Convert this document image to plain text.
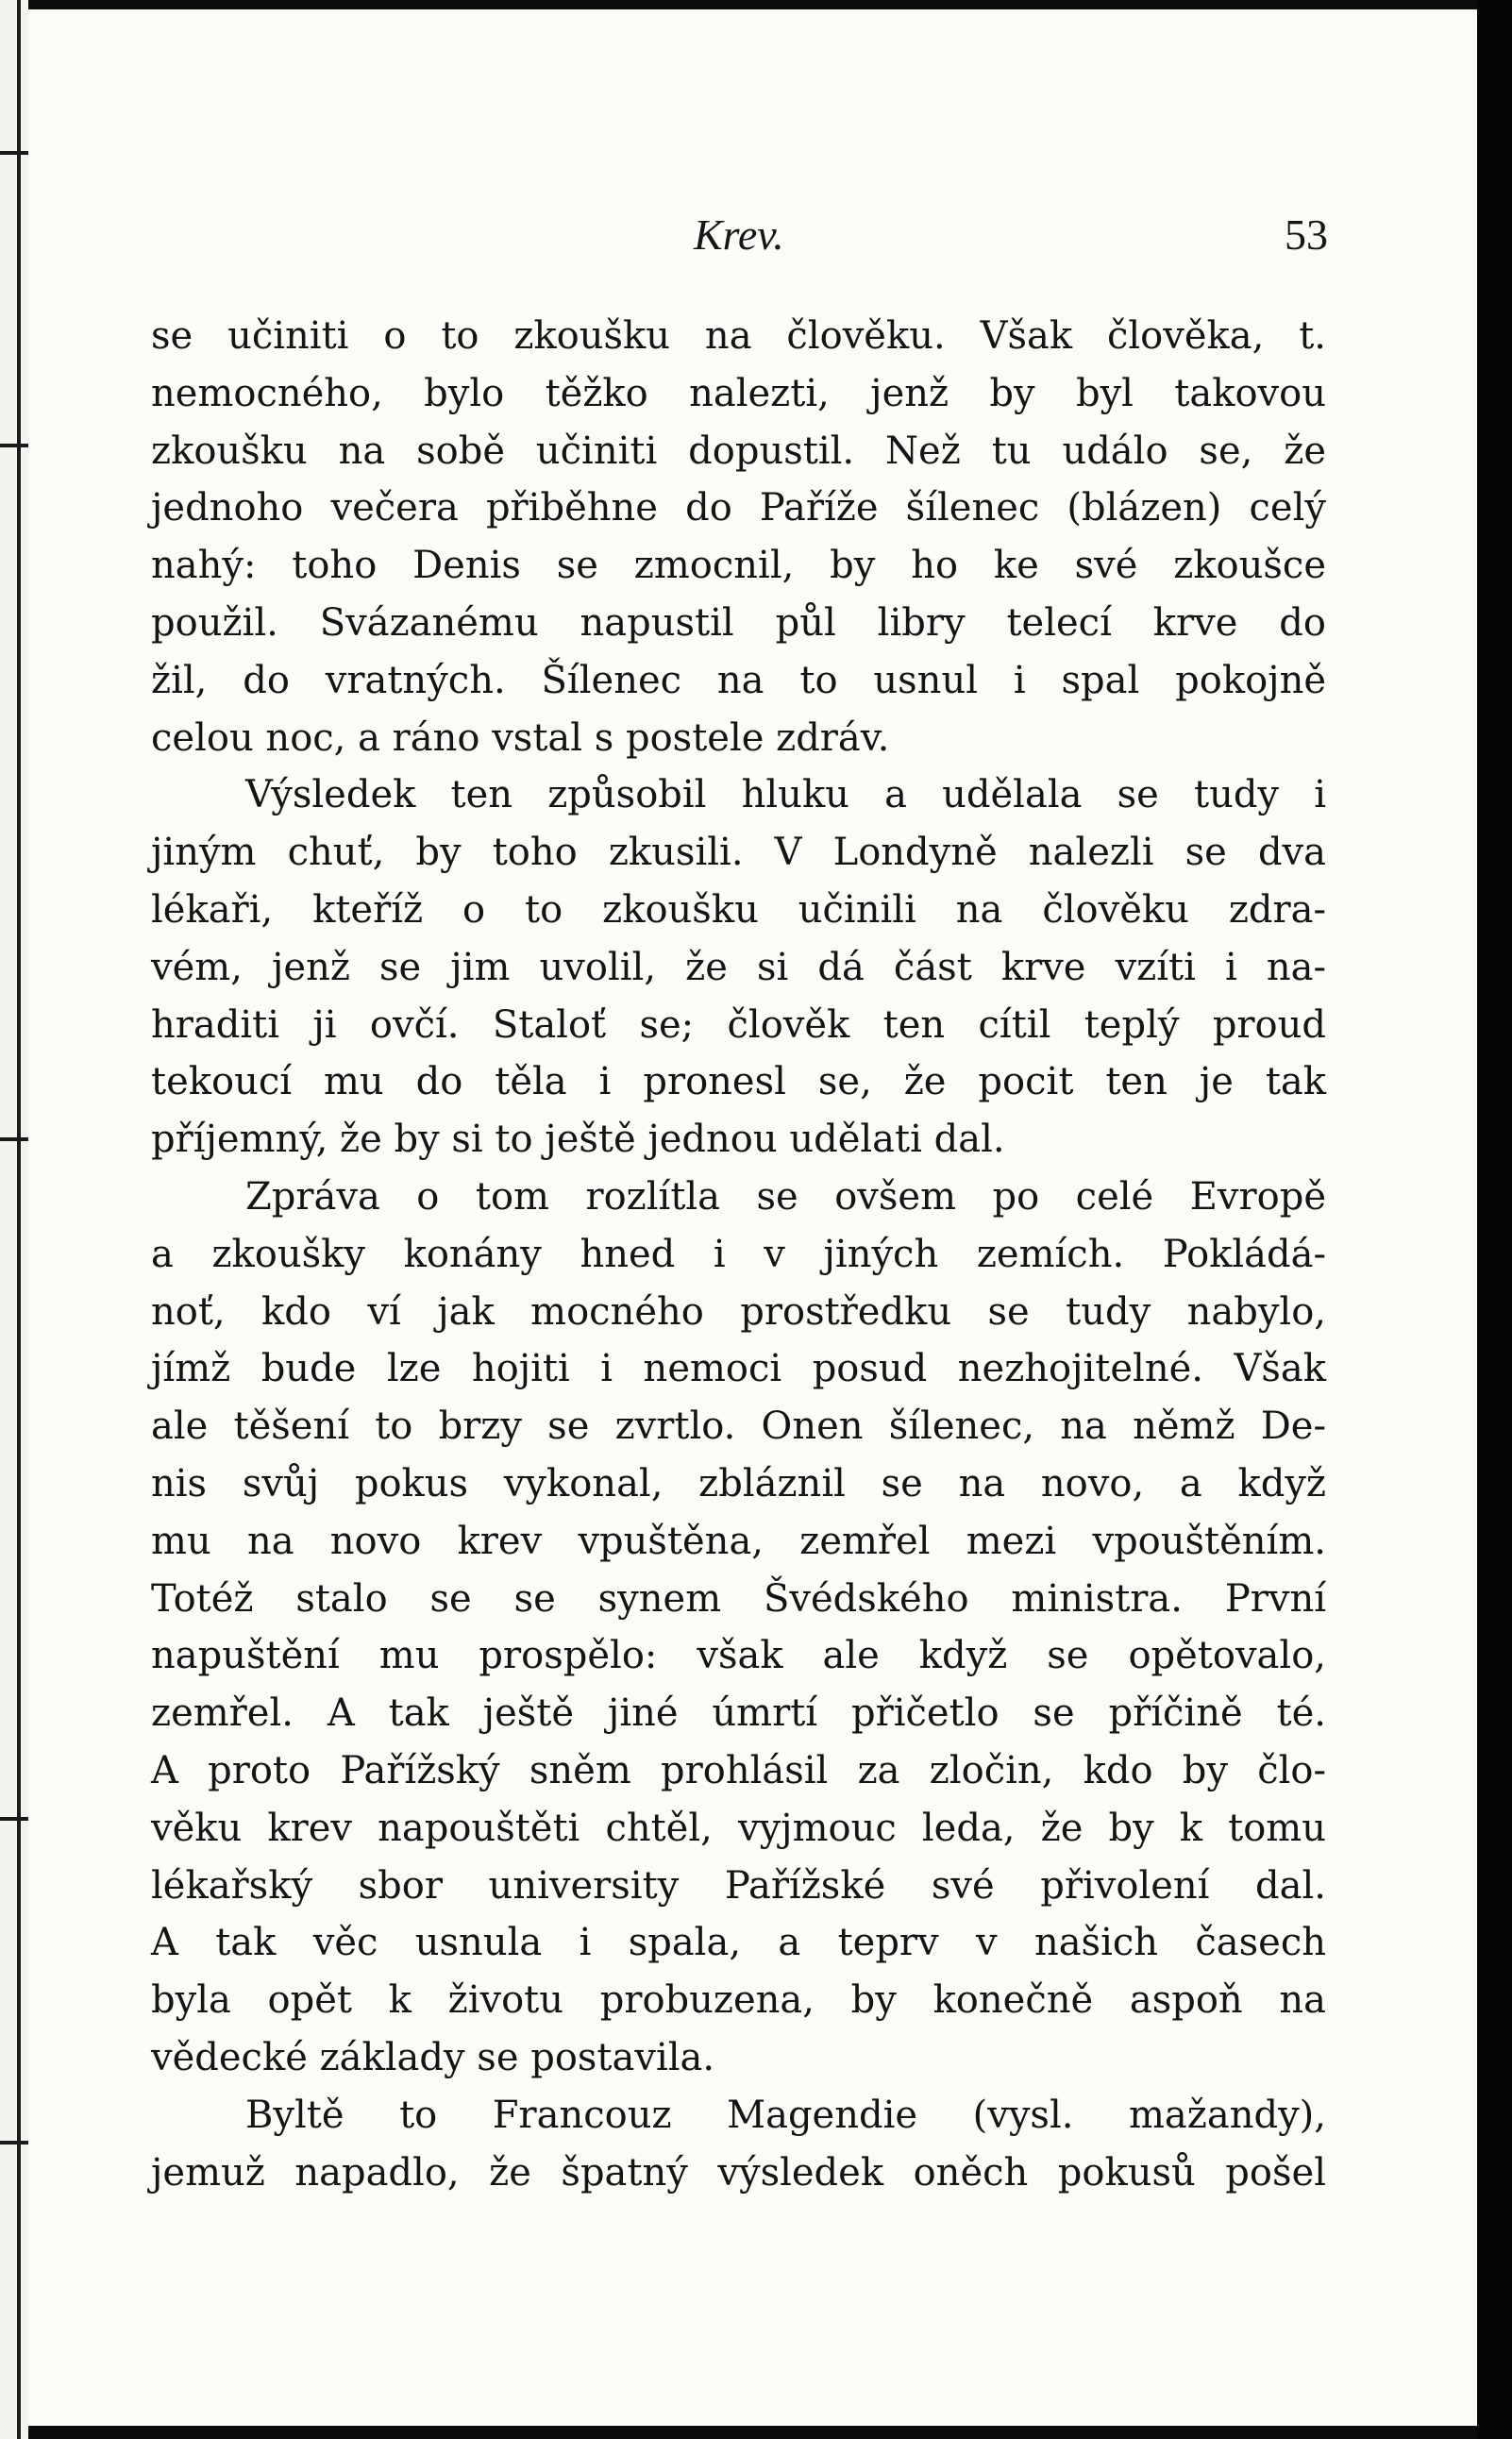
Krev.	53
se učiniti o to zkoušku na člověku. Však člověka, t.
nemocného, bylo těžko nalezti, jenž by byl takovou
zkoušku na sobě učiniti dopustil. Než tu událo se, že
jednoho večera přiběhne do Paříže šílenec (blázen) celý
nahý: toho Denis se zmocnil, by ho ke své zkoušce
použil. Svázanému napustil půl libry telecí krve do
žil, do vratných. Šílenec na to usnul i spal pokojně
celou noc, a ráno vstal s postele zdráv.
Výsledek ten způsobil hluku a udělala se tudy i
jiným chuť, by toho zkusili. V Londyně nalezli se dva
lékaři, kteříž o to zkoušku učinili na člověku zdra-
vém, jenž se jim uvolil, že si dá část krve vzíti i na-
hraditi ji ovčí. Staloť se; člověk ten cítil teplý proud
tekoucí mu do těla i pronesl se, že pocit ten je tak
příjemný, že by si to ještě jednou udělati dal.
Zpráva o tom rozlítla se ovšem po celé Evropě
a zkoušky konány hned i v jiných zemích. Pokládá-
noť, kdo ví jak mocného prostředku se tudy nabylo,
jímž bude lze hojiti i nemoci posud nezhojitelné. Však
ale těšení to brzy se zvrtlo. Onen šílenec, na němž De-
nis svůj pokus vykonal, zbláznil se na novo, a když
mu na novo krev vpuštěna, zemřel mezi vpouštěním.
Totéž stalo se se synem Švédského ministra. První
napuštění mu prospělo: však ale když se opětovalo,
zemřel. A tak ještě jiné úmrtí přičetlo se příčině té.
A proto Pařížský sněm prohlásil za zločin, kdo by člo-
věku krev napouštěti chtěl, vyjmouc leda, že by k tomu
lékařský sbor university Pařížské své přivolení dal.
A tak věc usnula i spala, a teprv v našich časech
byla opět k životu probuzena, by konečně aspoň na
vědecké základy se postavila.
Byltě to Francouz Magendie (vysl. mažandy),
jemuž napadlo, že špatný výsledek oněch pokusů pošel
